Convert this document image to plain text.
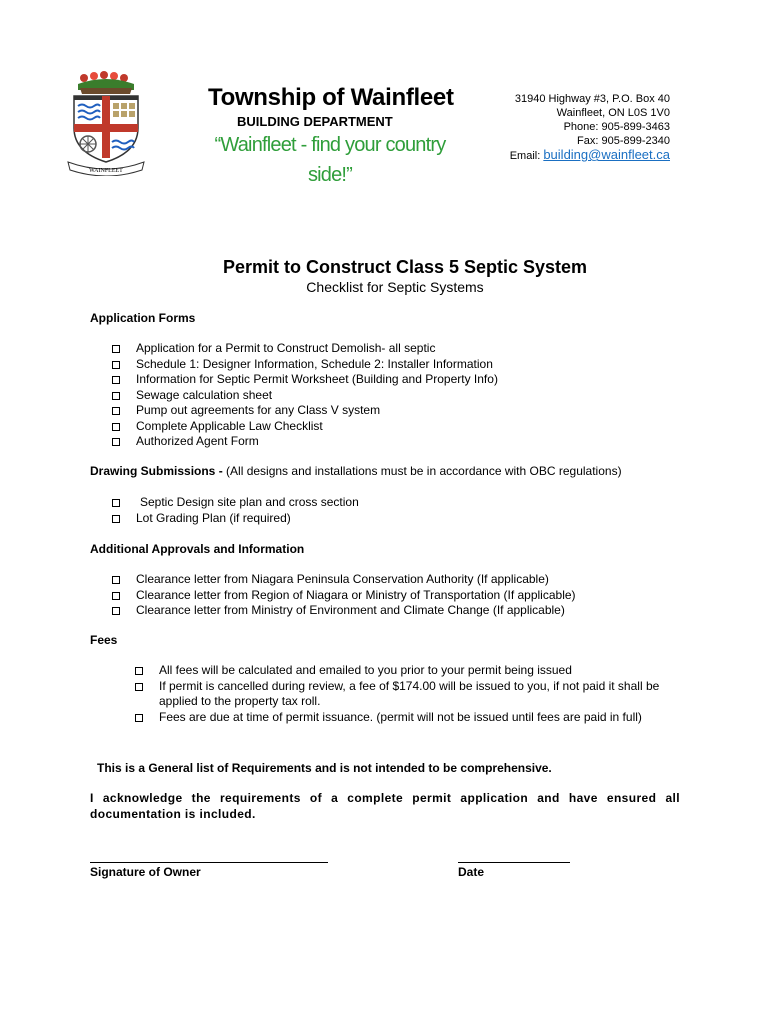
WAINFLEET
Township of Wainfleet
BUILDING DEPARTMENT
“Wainfleet - find your country side!”
31940 Highway #3, P.O. Box 40
Wainfleet, ON L0S 1V0
Phone: 905-899-3463
Fax: 905-899-2340
Email: building@wainfleet.ca
Permit to Construct Class 5 Septic System
Checklist for Septic Systems
Application Forms
Application for a Permit to Construct Demolish- all septic
Schedule 1: Designer Information, Schedule 2: Installer Information
Information for Septic Permit Worksheet (Building and Property Info)
Sewage calculation sheet
Pump out agreements for any Class V system
Complete Applicable Law Checklist
Authorized Agent Form
Drawing Submissions - (All designs and installations must be in accordance with OBC regulations)
Septic Design site plan and cross section
Lot Grading Plan (if required)
Additional Approvals and Information
Clearance letter from Niagara Peninsula Conservation Authority (If applicable)
Clearance letter from Region of Niagara or Ministry of Transportation (If applicable)
Clearance letter from Ministry of Environment and Climate Change (If applicable)
Fees
All fees will be calculated and emailed to you prior to your permit being issued
If permit is cancelled during review, a fee of $174.00 will be issued to you, if not paid it shall be applied to the property tax roll.
Fees are due at time of permit issuance. (permit will not be issued until fees are paid in full)
This is a General list of Requirements and is not intended to be comprehensive.
I acknowledge the requirements of a complete permit application and have ensured all documentation is included.
Signature of Owner	Date
